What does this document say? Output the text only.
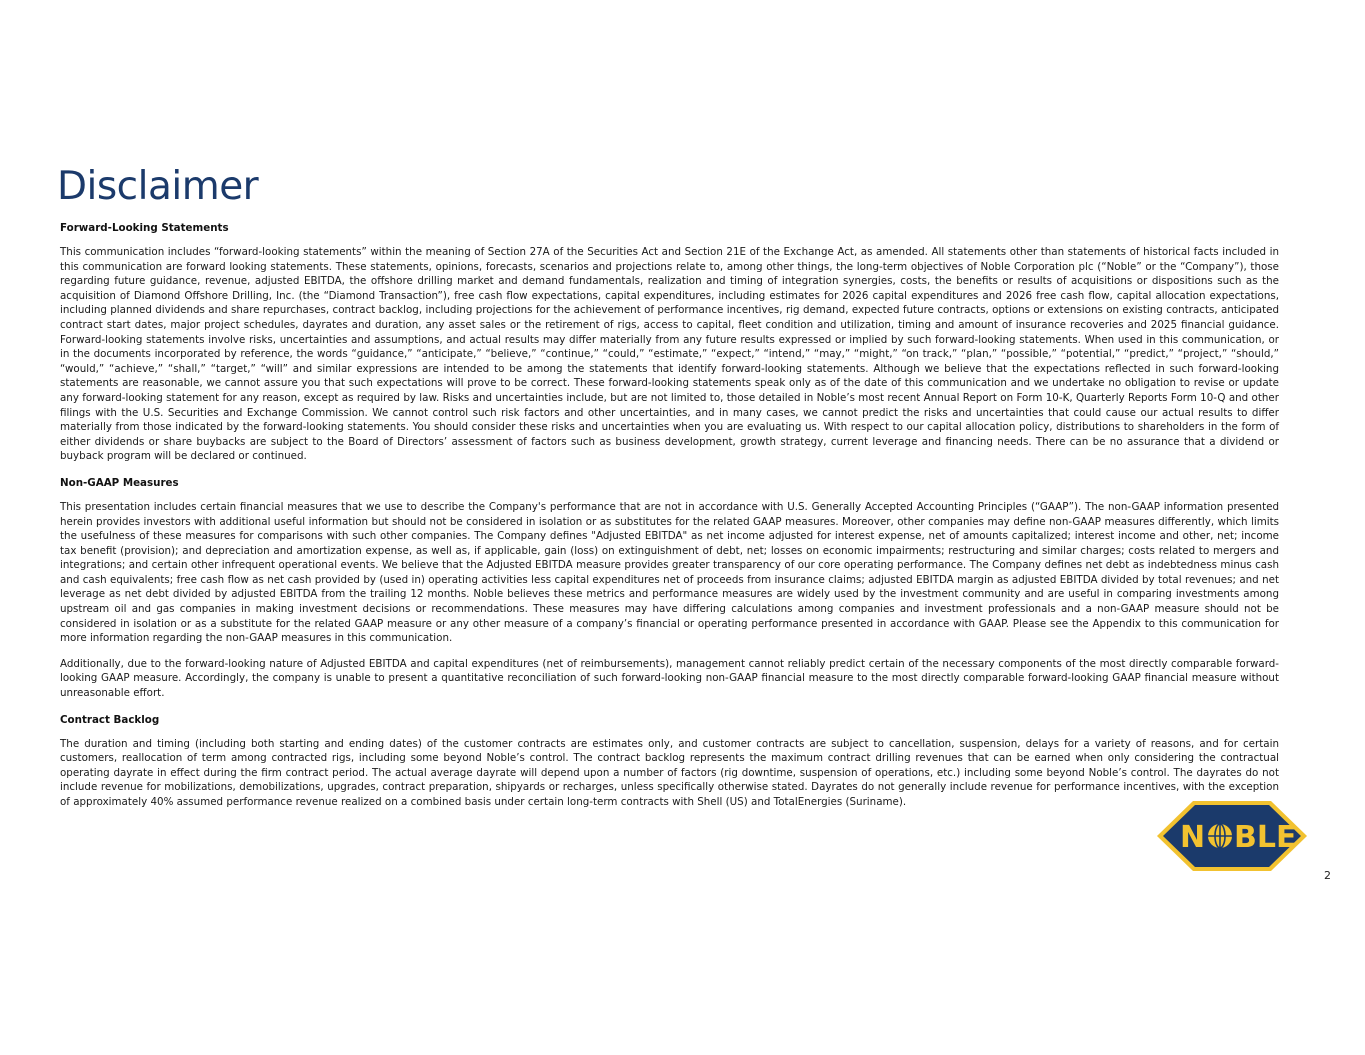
Disclaimer
Forward-Looking Statements

This communication includes “forward-looking statements” within the meaning of Section 27A of the Securities Act and Section 21E of the Exchange Act, as amended. All statements other than statements of historical facts included in this communication are forward looking statements. These statements, opinions, forecasts, scenarios and projections relate to, among other things, the long-term objectives of Noble Corporation plc (“Noble” or the “Company”), those regarding future guidance, revenue, adjusted EBITDA, the offshore drilling market and demand fundamentals, realization and timing of integration synergies, costs, the benefits or results of acquisitions or dispositions such as the acquisition of Diamond Offshore Drilling, Inc. (the “Diamond Transaction”), free cash flow expectations, capital expenditures, including estimates for 2026 capital expenditures and 2026 free cash flow, capital allocation expectations, including planned dividends and share repurchases, contract backlog, including projections for the achievement of performance incentives, rig demand, expected future contracts, options or extensions on existing contracts, anticipated contract start dates, major project schedules, dayrates and duration, any asset sales or the retirement of rigs, access to capital, fleet condition and utilization, timing and amount of insurance recoveries and 2025 financial guidance. Forward-looking statements involve risks, uncertainties and assumptions, and actual results may differ materially from any future results expressed or implied by such forward-looking statements. When used in this communication, or in the documents incorporated by reference, the words “guidance,” “anticipate,” “believe,” “continue,” “could,” “estimate,” “expect,” “intend,” “may,” “might,” “on track,” “plan,” “possible,” “potential,” “predict,” “project,” “should,” “would,” “achieve,” “shall,” “target,” “will” and similar expressions are intended to be among the statements that identify forward-looking statements. Although we believe that the expectations reflected in such forward-looking statements are reasonable, we cannot assure you that such expectations will prove to be correct. These forward-looking statements speak only as of the date of this communication and we undertake no obligation to revise or update any forward-looking statement for any reason, except as required by law. Risks and uncertainties include, but are not limited to, those detailed in Noble’s most recent Annual Report on Form 10-K, Quarterly Reports Form 10-Q and other filings with the U.S. Securities and Exchange Commission. We cannot control such risk factors and other uncertainties, and in many cases, we cannot predict the risks and uncertainties that could cause our actual results to differ materially from those indicated by the forward-looking statements. You should consider these risks and uncertainties when you are evaluating us. With respect to our capital allocation policy, distributions to shareholders in the form of either dividends or share buybacks are subject to the Board of Directors’ assessment of factors such as business development, growth strategy, current leverage and financing needs. There can be no assurance that a dividend or buyback program will be declared or continued.

Non-GAAP Measures

This presentation includes certain financial measures that we use to describe the Company's performance that are not in accordance with U.S. Generally Accepted Accounting Principles (“GAAP”). The non-GAAP information presented herein provides investors with additional useful information but should not be considered in isolation or as substitutes for the related GAAP measures. Moreover, other companies may define non-GAAP measures differently, which limits the usefulness of these measures for comparisons with such other companies. The Company defines "Adjusted EBITDA" as net income adjusted for interest expense, net of amounts capitalized; interest income and other, net; income tax benefit (provision); and depreciation and amortization expense, as well as, if applicable, gain (loss) on extinguishment of debt, net; losses on economic impairments; restructuring and similar charges; costs related to mergers and integrations; and certain other infrequent operational events. We believe that the Adjusted EBITDA measure provides greater transparency of our core operating performance. The Company defines net debt as indebtedness minus cash and cash equivalents; free cash flow as net cash provided by (used in) operating activities less capital expenditures net of proceeds from insurance claims; adjusted EBITDA margin as adjusted EBITDA divided by total revenues; and net leverage as net debt divided by adjusted EBITDA from the trailing 12 months. Noble believes these metrics and performance measures are widely used by the investment community and are useful in comparing investments among upstream oil and gas companies in making investment decisions or recommendations. These measures may have differing calculations among companies and investment professionals and a non-GAAP measure should not be considered in isolation or as a substitute for the related GAAP measure or any other measure of a company’s financial or operating performance presented in accordance with GAAP. Please see the Appendix to this communication for more information regarding the non-GAAP measures in this communication.

Additionally, due to the forward-looking nature of Adjusted EBITDA and capital expenditures (net of reimbursements), management cannot reliably predict certain of the necessary components of the most directly comparable forward-looking GAAP measure. Accordingly, the company is unable to present a quantitative reconciliation of such forward-looking non-GAAP financial measure to the most directly comparable forward-looking GAAP financial measure without unreasonable effort.

Contract Backlog

The duration and timing (including both starting and ending dates) of the customer contracts are estimates only, and customer contracts are subject to cancellation, suspension, delays for a variety of reasons, and for certain customers, reallocation of term among contracted rigs, including some beyond Noble’s control. The contract backlog represents the maximum contract drilling revenues that can be earned when only considering the contractual operating dayrate in effect during the firm contract period. The actual average dayrate will depend upon a number of factors (rig downtime, suspension of operations, etc.) including some beyond Noble’s control. The dayrates do not include revenue for mobilizations, demobilizations, upgrades, contract preparation, shipyards or recharges, unless specifically otherwise stated. Dayrates do not generally include revenue for performance incentives, with the exception of approximately 40% assumed performance revenue realized on a combined basis under certain long-term contracts with Shell (US) and TotalEnergies (Suriname).

N BLE
2
